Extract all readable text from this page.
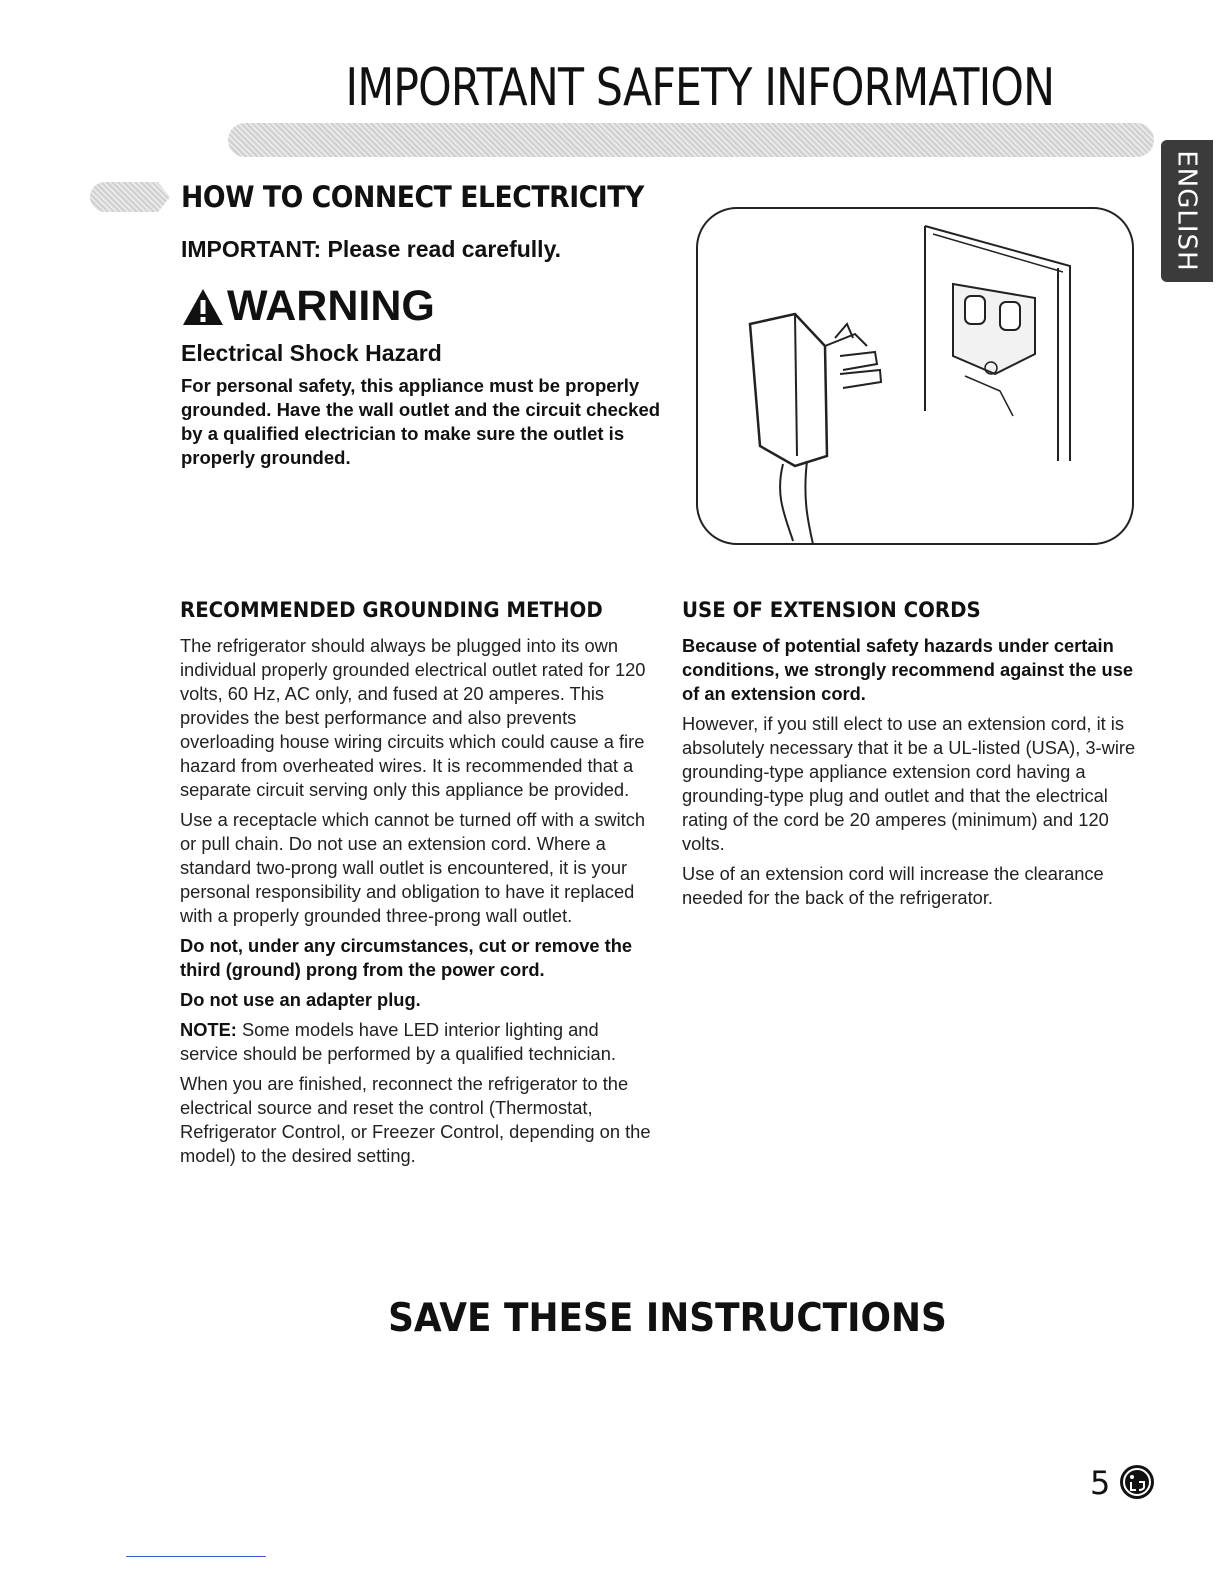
IMPORTANT SAFETY INFORMATION
ENGLISH
HOW TO CONNECT ELECTRICITY
IMPORTANT: Please read carefully.
WARNING
Electrical Shock Hazard

For personal safety, this appliance must be properly grounded. Have the wall outlet and the circuit checked by a qualified electrician to make sure the outlet is properly grounded.

RECOMMENDED GROUNDING METHOD

The refrigerator should always be plugged into its own individual properly grounded electrical outlet rated for 120 volts, 60 Hz, AC only, and fused at 20 amperes. This provides the best performance and also prevents overloading house wiring circuits which could cause a fire hazard from overheated wires. It is recommended that a separate circuit serving only this appliance be provided.

Use a receptacle which cannot be turned off with a switch or pull chain. Do not use an extension cord. Where a standard two-prong wall outlet is encountered, it is your personal responsibility and obligation to have it replaced with a properly grounded three-prong wall outlet.

Do not, under any circumstances, cut or remove the third (ground) prong from the power cord.

Do not use an adapter plug.

NOTE: Some models have LED interior lighting and service should be performed by a qualified technician.

When you are finished, reconnect the refrigerator to the electrical source and reset the control (Thermostat, Refrigerator Control, or Freezer Control, depending on the model) to the desired setting.

USE OF EXTENSION CORDS

Because of potential safety hazards under certain conditions, we strongly recommend against the use of an extension cord.

However, if you still elect to use an extension cord, it is absolutely necessary that it be a UL-listed (USA), 3-wire grounding-type appliance extension cord having a grounding-type plug and outlet and that the electrical rating of the cord be 20 amperes (minimum) and 120 volts.

Use of an extension cord will increase the clearance needed for the back of the refrigerator.

SAVE THESE INSTRUCTIONS
5
